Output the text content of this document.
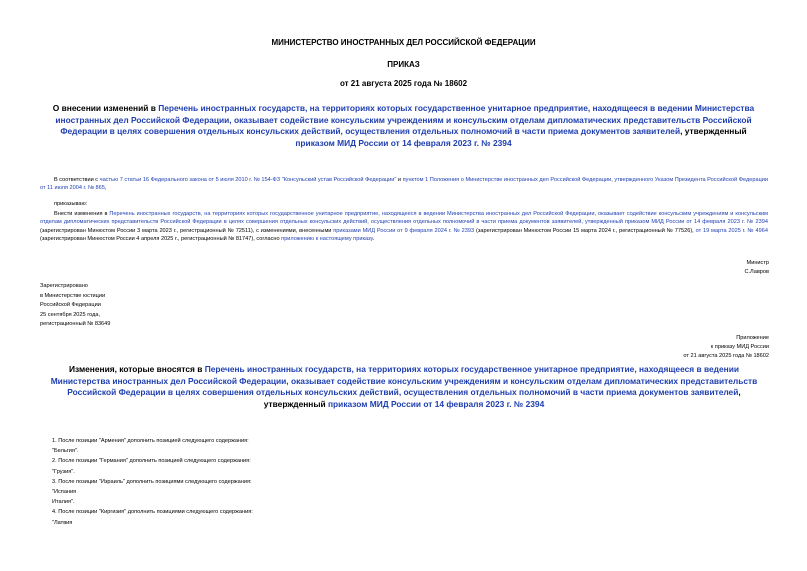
МИНИСТЕРСТВО ИНОСТРАННЫХ ДЕЛ РОССИЙСКОЙ ФЕДЕРАЦИИ
ПРИКАЗ
от 21 августа 2025 года № 18602
О внесении изменений в Перечень иностранных государств, на территориях которых государственное унитарное предприятие, находящееся в ведении Министерства иностранных дел Российской Федерации, оказывает содействие консульским учреждениям и консульским отделам дипломатических представительств Российской Федерации в целях совершения отдельных консульских действий, осуществления отдельных полномочий в части приема документов заявителей, утвержденный приказом МИД России от 14 февраля 2023 г. № 2394
В соответствии с частью 7 статьи 16 Федерального закона от 5 июля 2010 г. № 154-ФЗ "Консульский устав Российской Федерации" и пунктом 1 Положения о Министерстве иностранных дел Российской Федерации, утвержденного Указом Президента Российской Федерации от 11 июля 2004 г. № 865,
приказываю:
Внести изменения в Перечень иностранных государств, на территориях которых государственное унитарное предприятие, находящееся в ведении Министерства иностранных дел Российской Федерации, оказывает содействие консульским учреждениям и консульским отделам дипломатических представительств Российской Федерации в целях совершения отдельных консульских действий, осуществления отдельных полномочий в части приема документов заявителей, утвержденный приказом МИД России от 14 февраля 2023 г. № 2394 (зарегистрирован Минюстом России 3 марта 2023 г., регистрационный № 72511), с изменениями, внесенными приказами МИД России от 9 февраля 2024 г. № 2393 (зарегистрирован Минюстом России 15 марта 2024 г., регистрационный № 77526), от 19 марта 2025 г. № 4964 (зарегистрирован Минюстом России 4 апреля 2025 г., регистрационный № 81747), согласно приложению к настоящему приказу.
Министр
С.Лавров
Зарегистрировано
в Министерстве юстиции
Российской Федерации
25 сентября 2025 года,
регистрационный № 83649
Приложение
к приказу МИД России
от 21 августа 2025 года № 18602
Изменения, которые вносятся в Перечень иностранных государств, на территориях которых государственное унитарное предприятие, находящееся в ведении Министерства иностранных дел Российской Федерации, оказывает содействие консульским учреждениям и консульским отделам дипломатических представительств Российской Федерации в целях совершения отдельных консульских действий, осуществления отдельных полномочий в части приема документов заявителей, утвержденный приказом МИД России от 14 февраля 2023 г. № 2394
1. После позиции "Армения" дополнить позицией следующего содержания:
"Бельгия".
2. После позиции "Германия" дополнить позицией следующего содержания:
"Грузия".
3. После позиции "Израиль" дополнить позициями следующего содержания:
"Испания
Италия".
4. После позиции "Киргизия" дополнить позициями следующего содержания:
"Латвия
